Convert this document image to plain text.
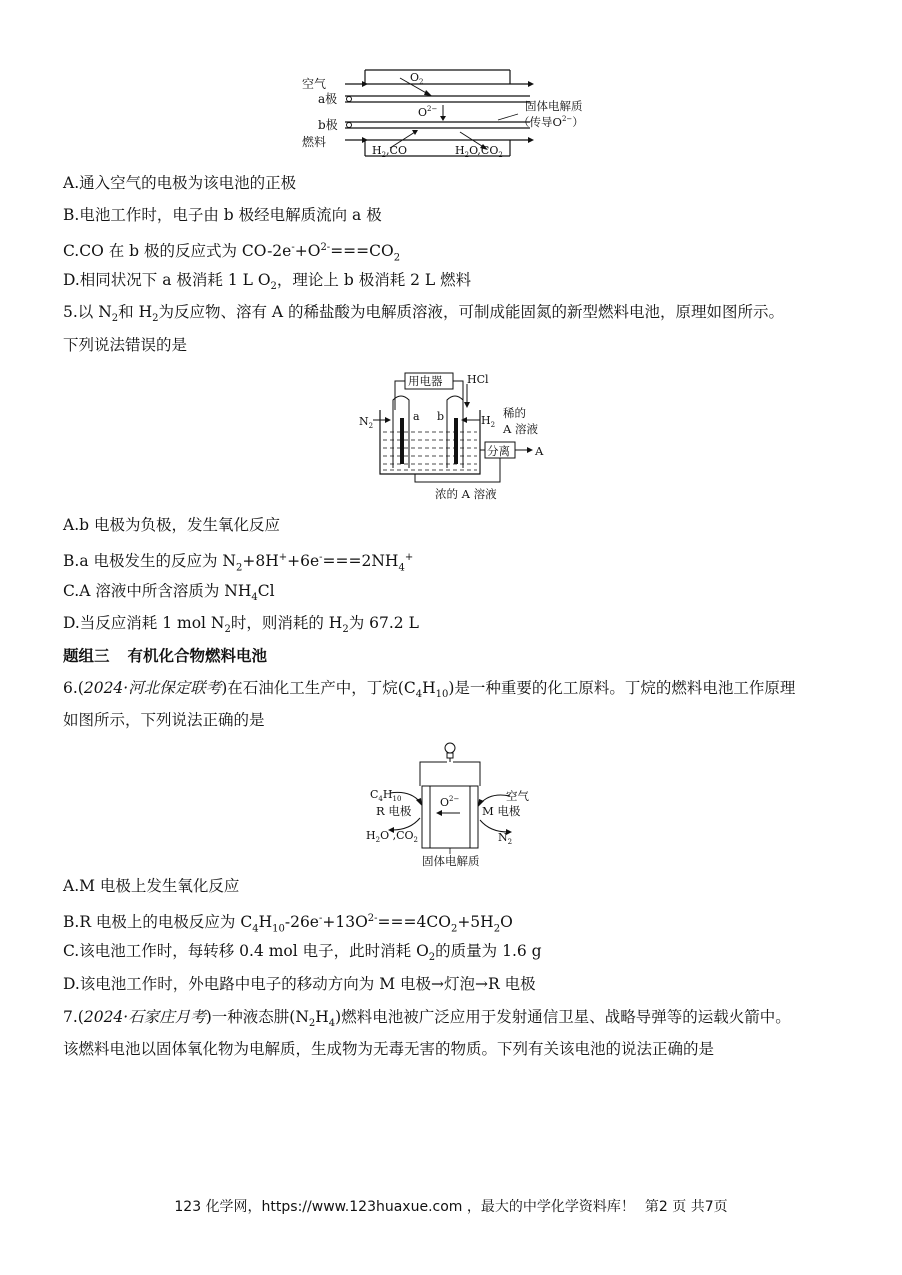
空气
a极
b极
燃料
$O_2$
$O^{2-}$	固体电解质
（传导$O^{2-}$）
$H_2,CO$	$H_2O,CO_2$
A.通入空气的电极为该电池的正极
B.电池工作时，电子由 b 极经电解质流向 a 极
C.CO 在 b 极的反应式为 $CO-2e^-+O^{2-}===CO_2$
D.相同状况下 a 极消耗 1 L $O_2$，理论上 b 极消耗 2 L 燃料
5.以 $N_2$和 $H_2$为反应物、溶有 A 的稀盐酸为电解质溶液，可制成能固氮的新型燃料电池，原理如图所示。
下列说法错误的是
用电器 HCl
$N_2$
a b	$H_2$
稀的
A 溶液
分离 A
浓的 A 溶液
A.b 电极为负极，发生氧化反应
B.a 电极发生的反应为 $N_2+8H^++6e^-===2NH_4^+$
C.A 溶液中所含溶质为 $NH_4Cl$
D.当反应消耗 1 mol $N_2$时，则消耗的 $H_2$为 67.2 L
题组三 有机化合物燃料电池
6.(2024·河北保定联考)在石油化工生产中，丁烷$(C_4H_{10})$是一种重要的化工原料。丁烷的燃料电池工作原理
如图所示，下列说法正确的是
$C_4H_{10}$
R 电极
$H_2O$ $,CO_2$
$O^{2-}$	空气
M 电极
$N_2$
固体电解质
A.M 电极上发生氧化反应
B.R 电极上的电极反应为 $C_4H_{10}-26e^-+13O^{2-}===4CO_2+5H_2O$
C.该电池工作时，每转移 0.4 mol 电子，此时消耗 $O_2$的质量为 1.6 g
D.该电池工作时，外电路中电子的移动方向为 M 电极→灯泡→R 电极
7.(2024·石家庄月考)一种液态肼$(N_2H_4)$燃料电池被广泛应用于发射通信卫星、战略导弹等的运载火箭中。
该燃料电池以固体氧化物为电解质，生成物为无毒无害的物质。下列有关该电池的说法正确的是
123 化学网，https://www.123huaxue.com ，最大的中学化学资料库！ 第2 页 共7页
